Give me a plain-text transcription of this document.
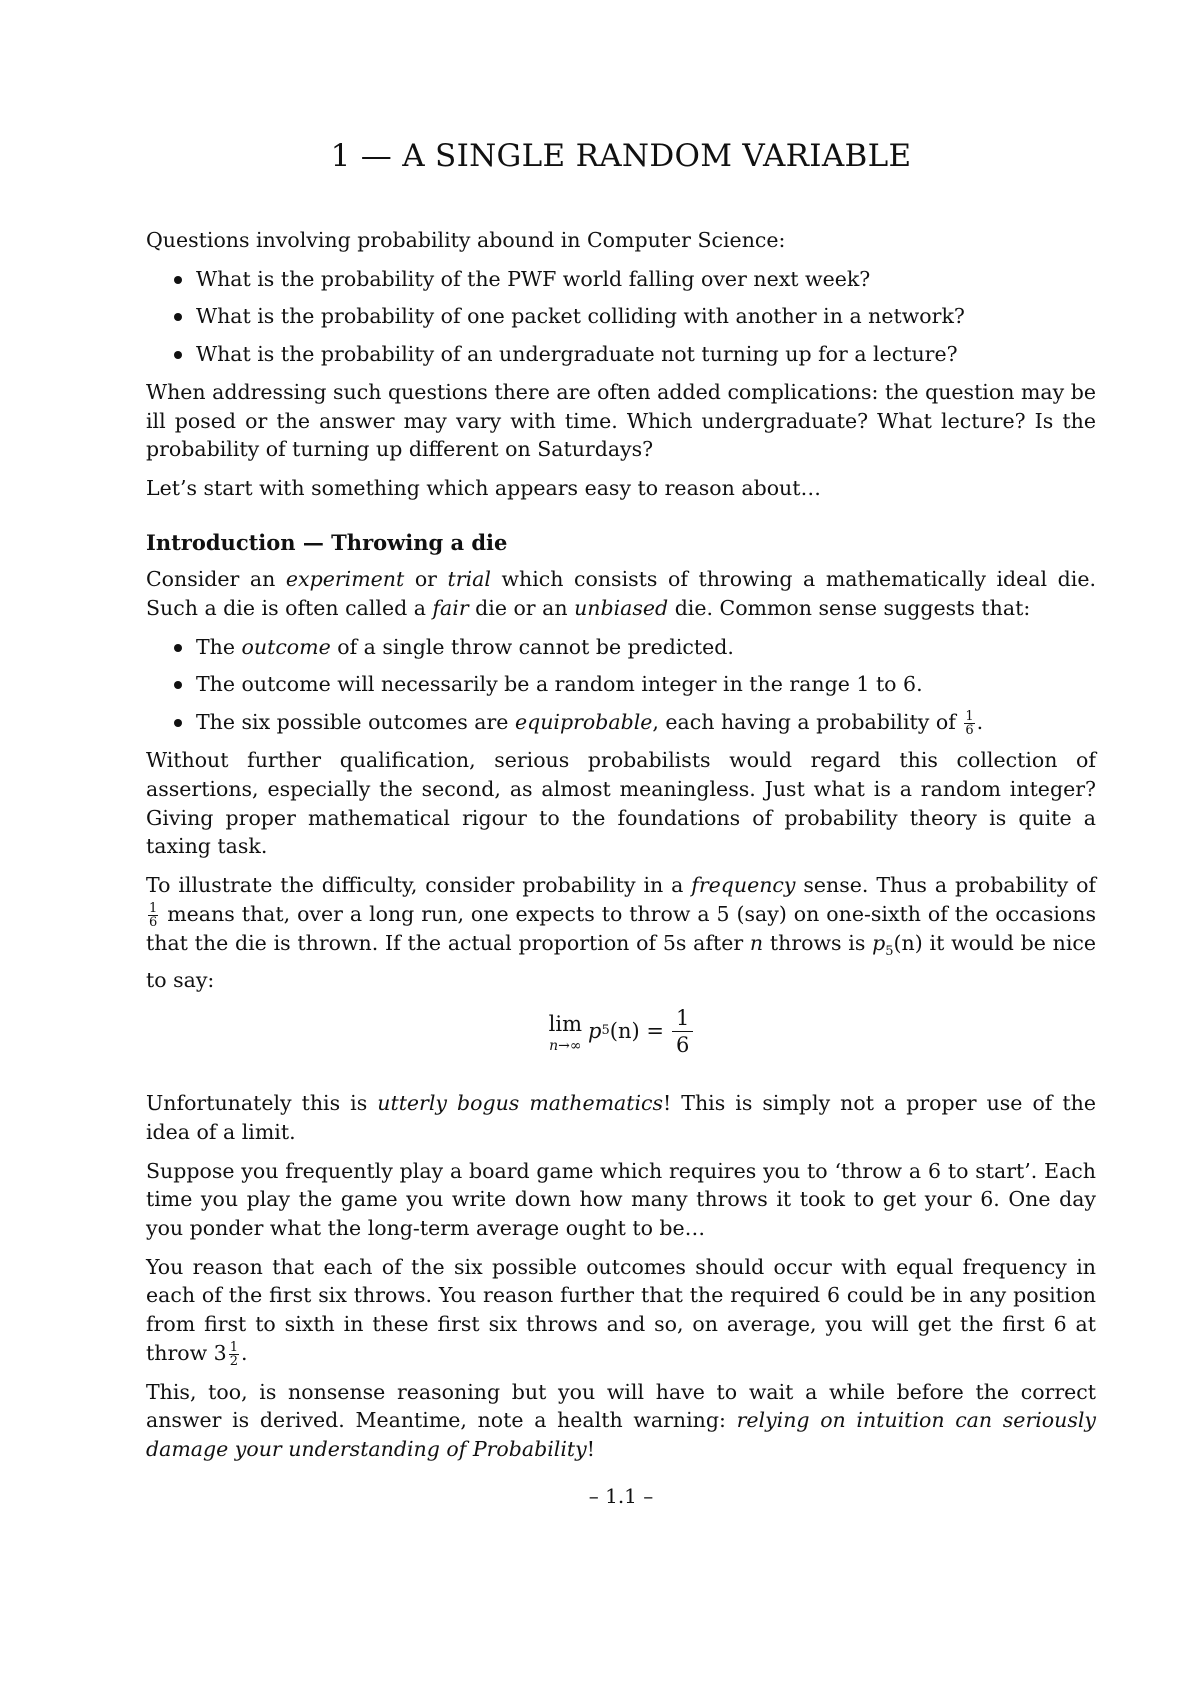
1 — A SINGLE RANDOM VARIABLE

Questions involving probability abound in Computer Science:

What is the probability of the PWF world falling over next week?
What is the probability of one packet colliding with another in a network?
What is the probability of an undergraduate not turning up for a lecture?

When addressing such questions there are often added complications: the question may be ill posed or the answer may vary with time. Which undergraduate? What lecture? Is the probability of turning up different on Saturdays?

Let’s start with something which appears easy to reason about…

Introduction — Throwing a die

Consider an experiment or trial which consists of throwing a mathematically ideal die. Such a die is often called a fair die or an unbiased die. Common sense suggests that:

The outcome of a single throw cannot be predicted.
The outcome will necessarily be a random integer in the range 1 to 6.
The six possible outcomes are equiprobable, each having a probability of $\frac{1}{6}$ .

Without further qualification, serious probabilists would regard this collection of assertions, especially the second, as almost meaningless. Just what is a random integer? Giving proper mathematical rigour to the foundations of probability theory is quite a taxing task.

To illustrate the difficulty, consider probability in a frequency sense. Thus a probability of
$\frac{1}{6}$ means that, over a long run, one expects to throw a 5 (say) on one-sixth of the occasions that the die is thrown. If the actual proportion of 5s after n throws is $p_5(n)$ it would be nice to say:

lim
n→∞
p 5 $(n) = \frac{1}{6}$

Unfortunately this is utterly bogus mathematics! This is simply not a proper use of the idea of a limit.

Suppose you frequently play a board game which requires you to ‘throw a 6 to start’. Each time you play the game you write down how many throws it took to get your 6. One day you ponder what the long-term average ought to be…

You reason that each of the six possible outcomes should occur with equal frequency in each of the first six throws. You reason further that the required 6 could be in any position from first to sixth in these first six throws and so, on average, you will get the first 6 at throw $3 \frac{1}{2}$ .

This, too, is nonsense reasoning but you will have to wait a while before the correct answer is derived. Meantime, note a health warning: relying on intuition can seriously damage your understanding of Probability!

– 1.1 –
